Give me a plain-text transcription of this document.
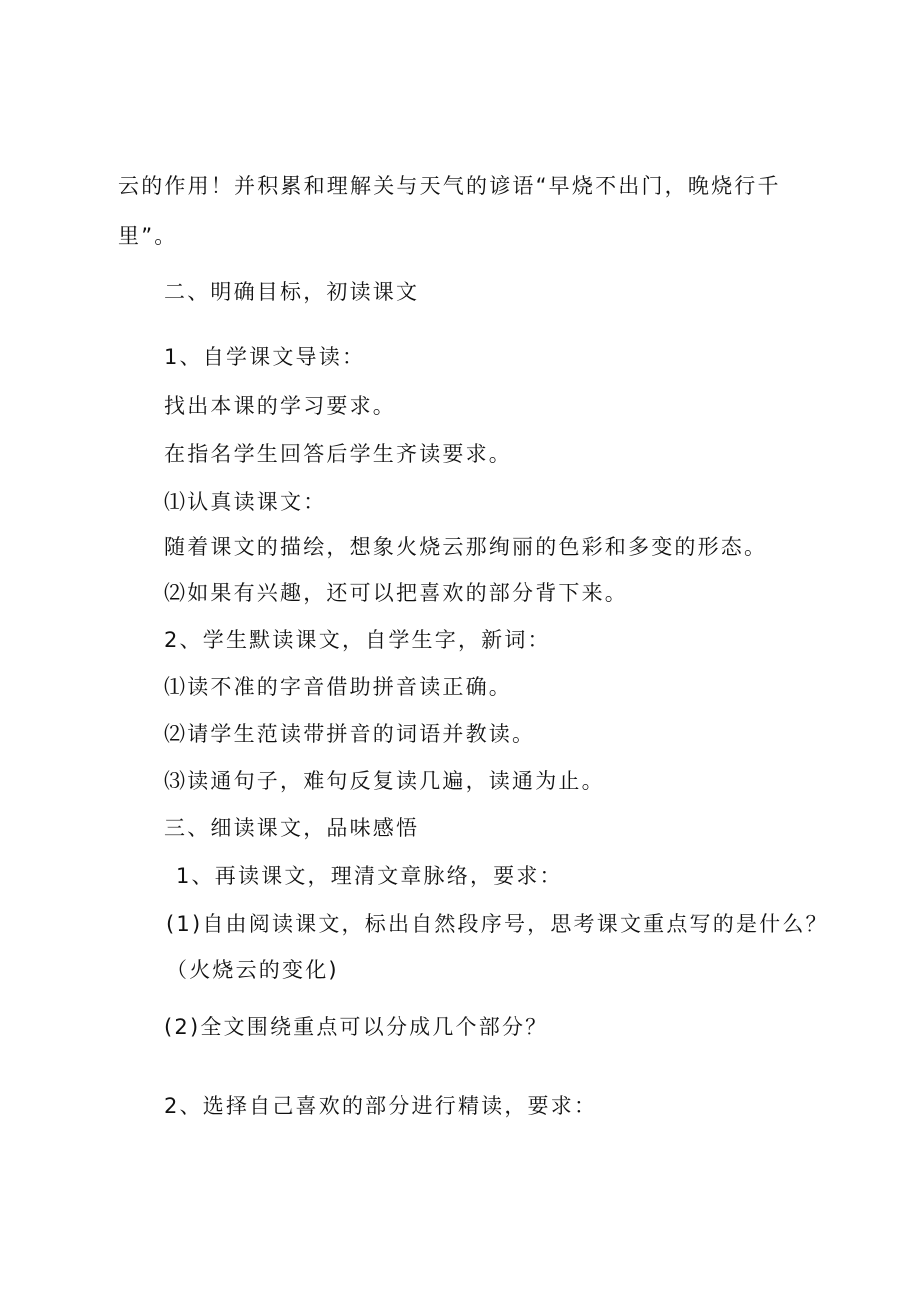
云的作用！并积累和理解关与天气的谚语“早烧不出门，晚烧行千
里”。
二、明确目标，初读课文
1、自学课文导读：
找出本课的学习要求。
在指名学生回答后学生齐读要求。
⑴认真读课文：
随着课文的描绘，想象火烧云那绚丽的色彩和多变的形态。
⑵如果有兴趣，还可以把喜欢的部分背下来。
2、学生默读课文，自学生字，新词：
⑴读不准的字音借助拼音读正确。
⑵请学生范读带拼音的词语并教读。
⑶读通句子，难句反复读几遍，读通为止。
三、细读课文，品味感悟
1、再读课文，理清文章脉络，要求：
(1)自由阅读课文，标出自然段序号，思考课文重点写的是什么？
（火烧云的变化)
(2)全文围绕重点可以分成几个部分？
2、选择自己喜欢的部分进行精读，要求：
